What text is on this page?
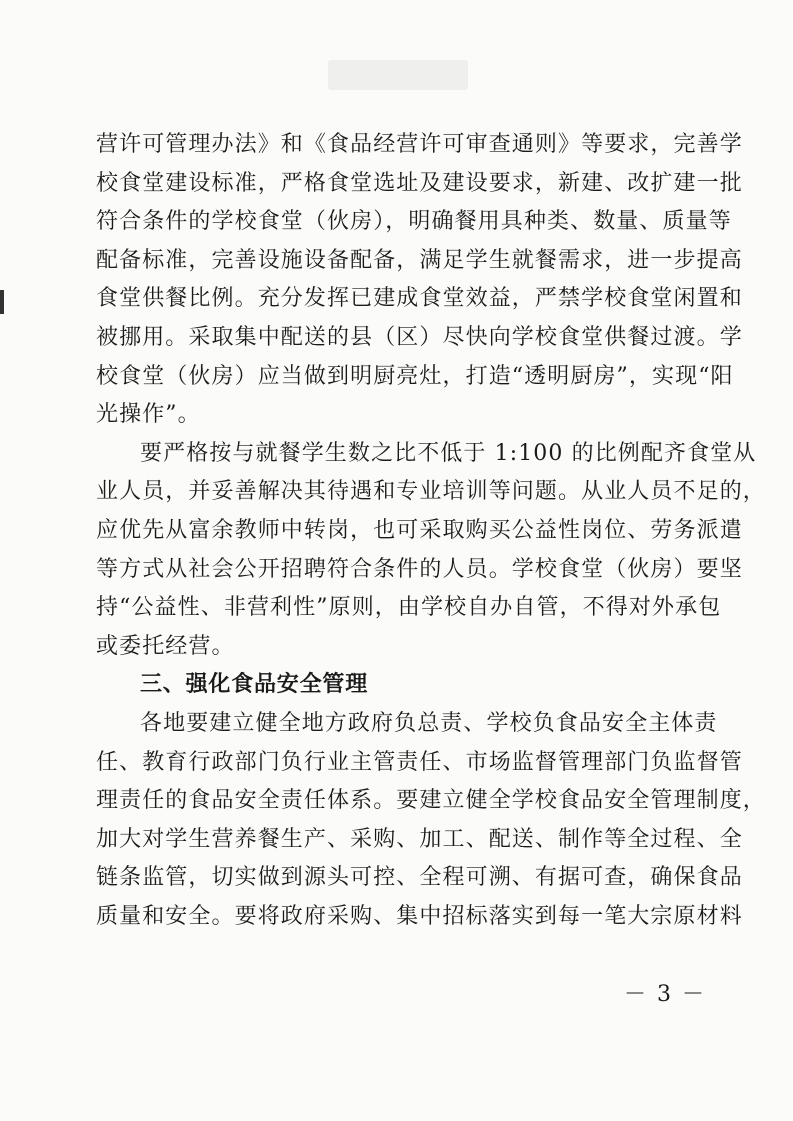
营许可管理办法》和《食品经营许可审查通则》等要求，完善学
校食堂建设标准，严格食堂选址及建设要求，新建、改扩建一批
符合条件的学校食堂（伙房），明确餐用具种类、数量、质量等
配备标准，完善设施设备配备，满足学生就餐需求，进一步提高
食堂供餐比例。充分发挥已建成食堂效益，严禁学校食堂闲置和
被挪用。采取集中配送的县（区）尽快向学校食堂供餐过渡。学
校食堂（伙房）应当做到明厨亮灶，打造“透明厨房”，实现“阳
光操作”。
要严格按与就餐学生数之比不低于 1:100 的比例配齐食堂从
业人员，并妥善解决其待遇和专业培训等问题。从业人员不足的，
应优先从富余教师中转岗，也可采取购买公益性岗位、劳务派遣
等方式从社会公开招聘符合条件的人员。学校食堂（伙房）要坚
持“公益性、非营利性”原则，由学校自办自管，不得对外承包
或委托经营。
三、强化食品安全管理
各地要建立健全地方政府负总责、学校负食品安全主体责
任、教育行政部门负行业主管责任、市场监督管理部门负监督管
理责任的食品安全责任体系。要建立健全学校食品安全管理制度，
加大对学生营养餐生产、采购、加工、配送、制作等全过程、全
链条监管，切实做到源头可控、全程可溯、有据可查，确保食品
质量和安全。要将政府采购、集中招标落实到每一笔大宗原材料
－ 3 －
